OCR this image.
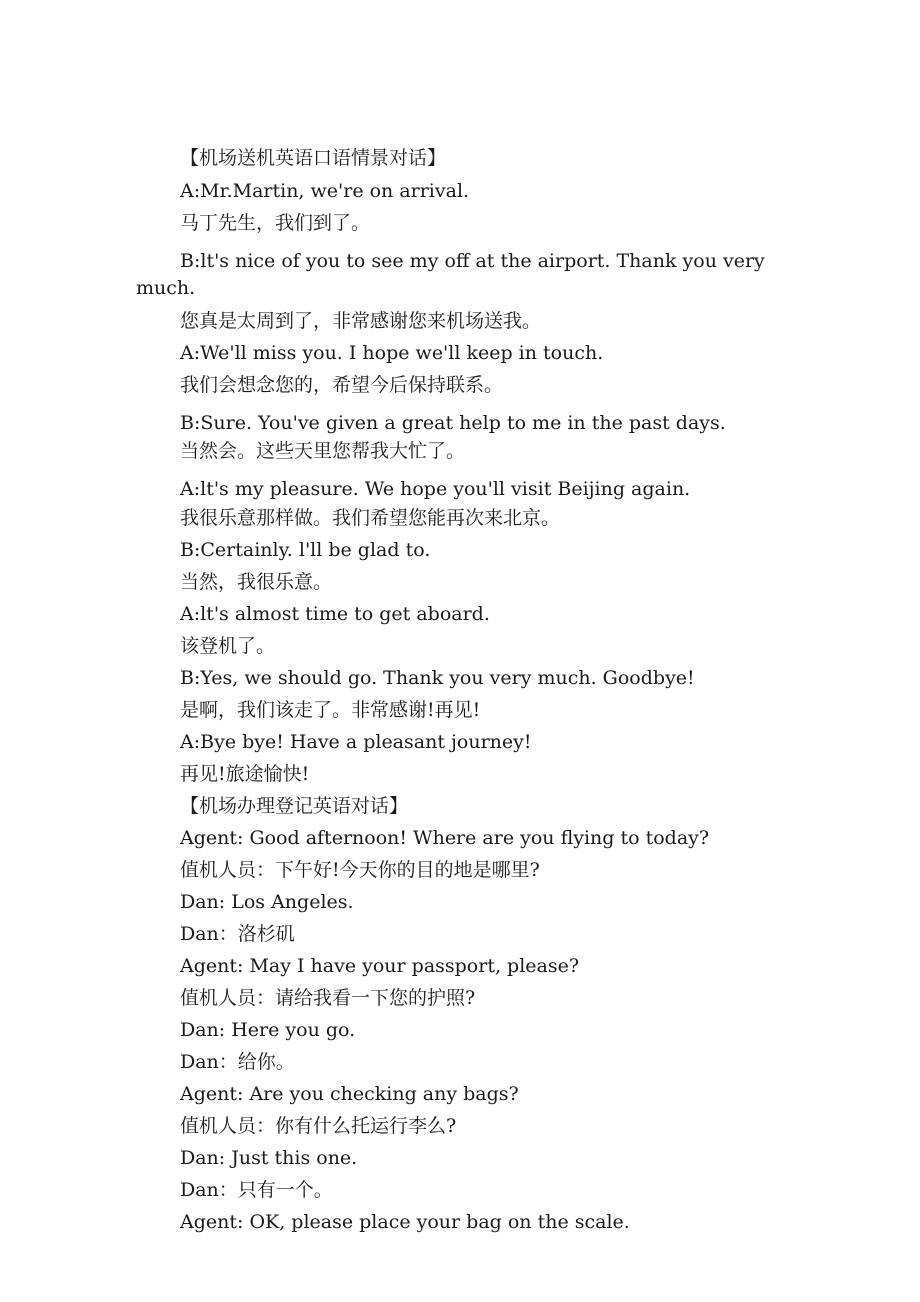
【机场送机英语口语情景对话】
A:Mr.Martin, we're on arrival.
马丁先生，我们到了。
B:lt's nice of you to see my off at the airport. Thank you very much.
您真是太周到了，非常感谢您来机场送我。
A:We'll miss you. I hope we'll keep in touch.
我们会想念您的，希望今后保持联系。
B:Sure. You've given a great help to me in the past days.
当然会。这些天里您帮我大忙了。
A:lt's my pleasure. We hope you'll visit Beijing again.
我很乐意那样做。我们希望您能再次来北京。
B:Certainly. l'll be glad to.
当然，我很乐意。
A:lt's almost time to get aboard.
该登机了。
B:Yes, we should go. Thank you very much. Goodbye!
是啊，我们该走了。非常感谢!再见!
A:Bye bye! Have a pleasant journey!
再见!旅途愉快!
【机场办理登记英语对话】
Agent: Good afternoon! Where are you flying to today?
值机人员：下午好!今天你的目的地是哪里?
Dan: Los Angeles.
Dan：洛杉矶
Agent: May I have your passport, please?
值机人员：请给我看一下您的护照?
Dan: Here you go.
Dan：给你。
Agent: Are you checking any bags?
值机人员：你有什么托运行李么?
Dan: Just this one.
Dan：只有一个。
Agent: OK, please place your bag on the scale.
